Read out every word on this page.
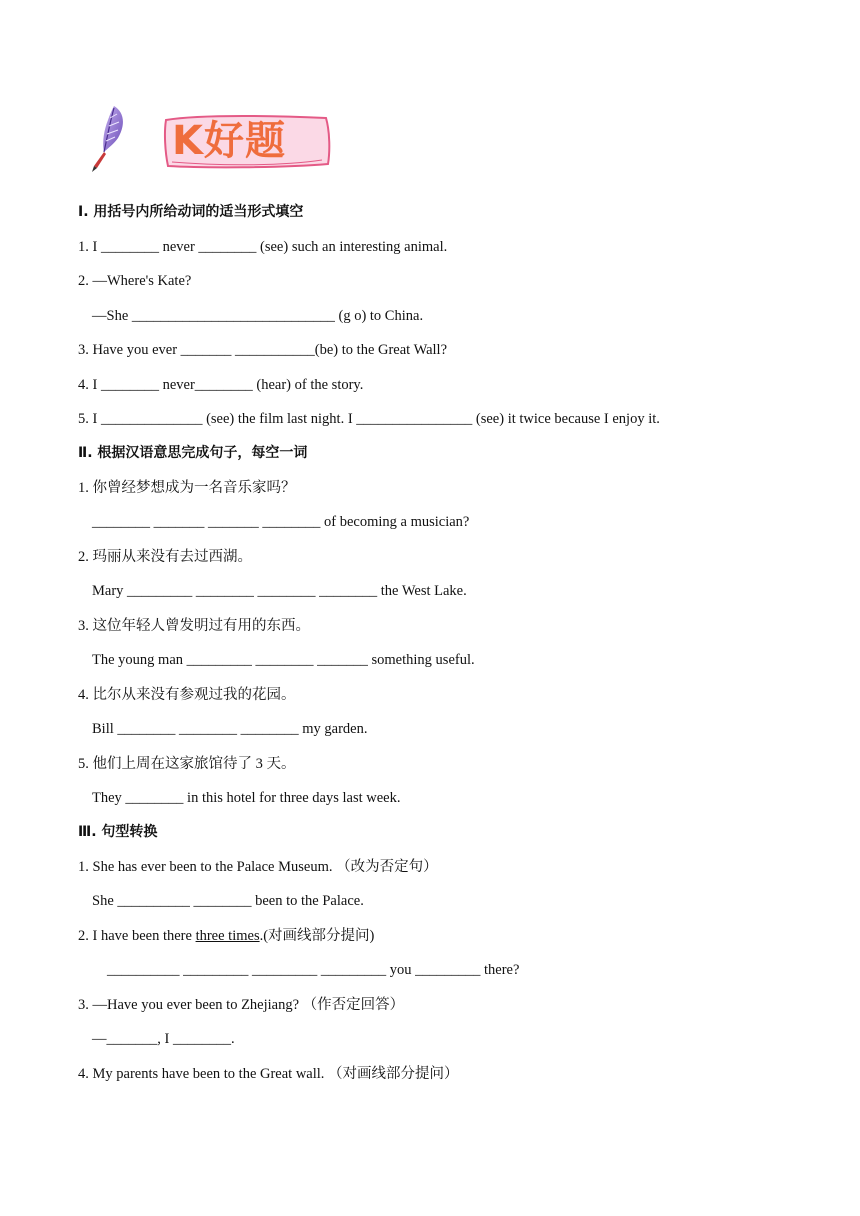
K好题
Ⅰ. 用括号内所给动词的适当形式填空
1. I ________ never ________ (see) such an interesting animal.
2. —Where's Kate?
—She ____________________________ (g o) to China.
3. Have you ever _______ ___________(be) to the Great Wall?
4. I ________ never________ (hear) of the story.
5. I ______________ (see) the film last night. I ________________ (see) it twice because I enjoy it.
Ⅱ. 根据汉语意思完成句子，每空一词
1. 你曾经梦想成为一名音乐家吗？
________ _______ _______ ________ of becoming a musician?
2. 玛丽从来没有去过西湖。
Mary _________ ________ ________ ________ the West Lake.
3. 这位年轻人曾发明过有用的东西。
The young man _________ ________ _______ something useful.
4. 比尔从来没有参观过我的花园。
Bill ________ ________ ________ my garden.
5. 他们上周在这家旅馆待了 3 天。
They ________ in this hotel for three days last week.
Ⅲ. 句型转换
1. She has ever been to the Palace Museum. （改为否定句）
She __________ ________ been to the Palace.
2. I have been there three times.(对画线部分提问)
__________ _________ _________ _________ you _________ there?
3. —Have you ever been to Zhejiang? （作否定回答）
—_______, I ________.
4. My parents have been to the Great wall. （对画线部分提问）
